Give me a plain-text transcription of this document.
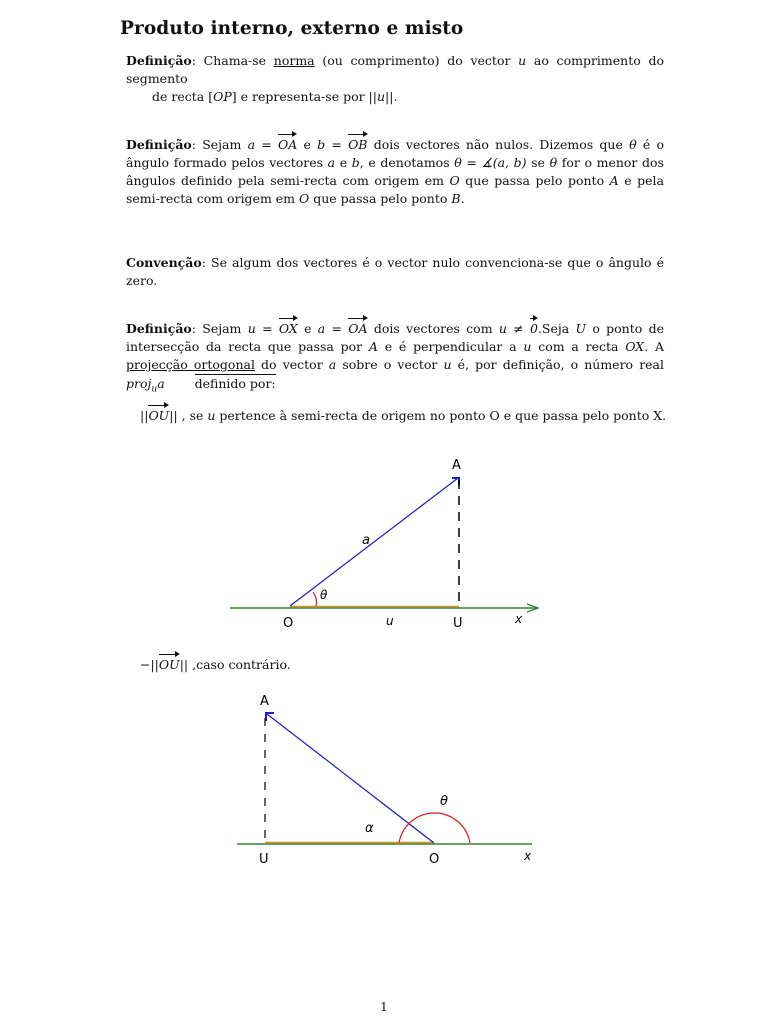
Produto interno, externo e misto
Definição: Chama-se norma (ou comprimento) do vector u ao comprimento do segmento
de recta [OP] e representa-se por ||u||.
Definição: Sejam a = OA e b = OB dois vectores não nulos. Dizemos que θ é o ângulo formado pelos vectores a e b, e denotamos θ = ∡(a, b) se θ for o menor dos ângulos definido pela semi-recta com origem em O que passa pelo ponto A e pela semi-recta com origem em O que passa pelo ponto B.
Convenção: Se algum dos vectores é o vector nulo convenciona-se que o ângulo é zero.
Definição: Sejam u = OX e a = OA dois vectores com u ≠ 0.Seja U o ponto de intersecção da recta que passa por A e é perpendicular a u com a recta OX. A projecção ortogonal do vector a sobre o vector u é, por definição, o número real proj$_u$a definido por:
||OU|| , se u pertence à semi-recta de origem no ponto O e que passa pelo ponto X.
A
a
θ
O	u	U	x
−||OU|| ,caso contrário.
A
θ
α
U	O	x
1
